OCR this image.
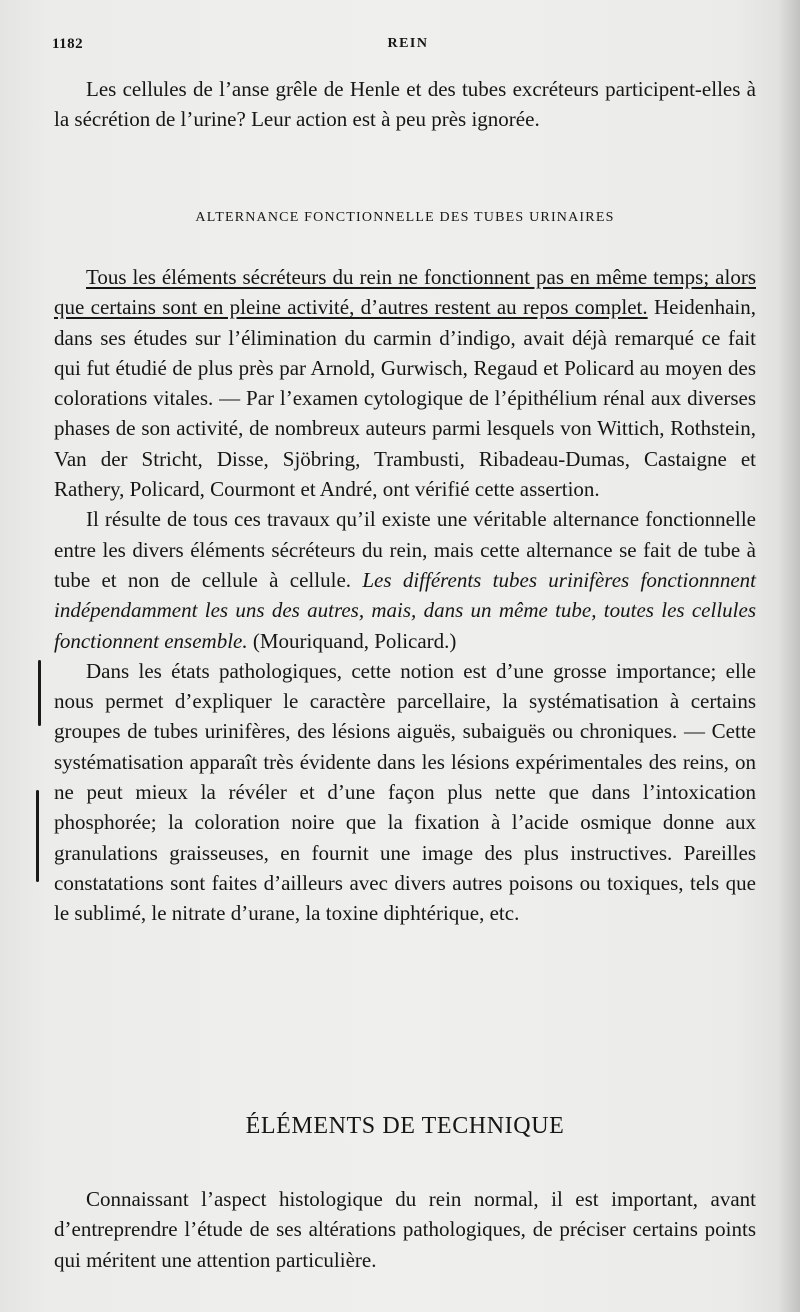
1182	REIN

Les cellules de l’anse grêle de Henle et des tubes excréteurs participent-elles à la sécrétion de l’urine? Leur action est à peu près ignorée.

ALTERNANCE FONCTIONNELLE DES TUBES URINAIRES

Tous les éléments sécréteurs du rein ne fonctionnent pas en même temps; alors que certains sont en pleine activité, d’autres restent au repos complet. Heidenhain, dans ses études sur l’élimination du carmin d’indigo, avait déjà remarqué ce fait qui fut étudié de plus près par Arnold, Gurwisch, Regaud et Policard au moyen des colorations vitales. — Par l’examen cytologique de l’épithélium rénal aux diverses phases de son activité, de nombreux auteurs parmi lesquels von Wittich, Rothstein, Van der Stricht, Disse, Sjöbring, Trambusti, Ribadeau-Dumas, Castaigne et Rathery, Policard, Courmont et André, ont vérifié cette assertion.

Il résulte de tous ces travaux qu’il existe une véritable alternance fonctionnelle entre les divers éléments sécréteurs du rein, mais cette alternance se fait de tube à tube et non de cellule à cellule. Les différents tubes urinifères fonctionnnent indépendamment les uns des autres, mais, dans un même tube, toutes les cellules fonctionnent ensemble. (Mouriquand, Policard.)

Dans les états pathologiques, cette notion est d’une grosse importance; elle nous permet d’expliquer le caractère parcellaire, la systématisation à certains groupes de tubes urinifères, des lésions aiguës, subaiguës ou chroniques. — Cette systématisation apparaît très évidente dans les lésions expérimentales des reins, on ne peut mieux la révéler et d’une façon plus nette que dans l’intoxication phosphorée; la coloration noire que la fixation à l’acide osmique donne aux granulations graisseuses, en fournit une image des plus instructives. Pareilles constatations sont faites d’ailleurs avec divers autres poisons ou toxiques, tels que le sublimé, le nitrate d’urane, la toxine diphtérique, etc.

ÉLÉMENTS DE TECHNIQUE

Connaissant l’aspect histologique du rein normal, il est important, avant d’entreprendre l’étude de ses altérations pathologiques, de préciser certains points qui méritent une attention particulière.
